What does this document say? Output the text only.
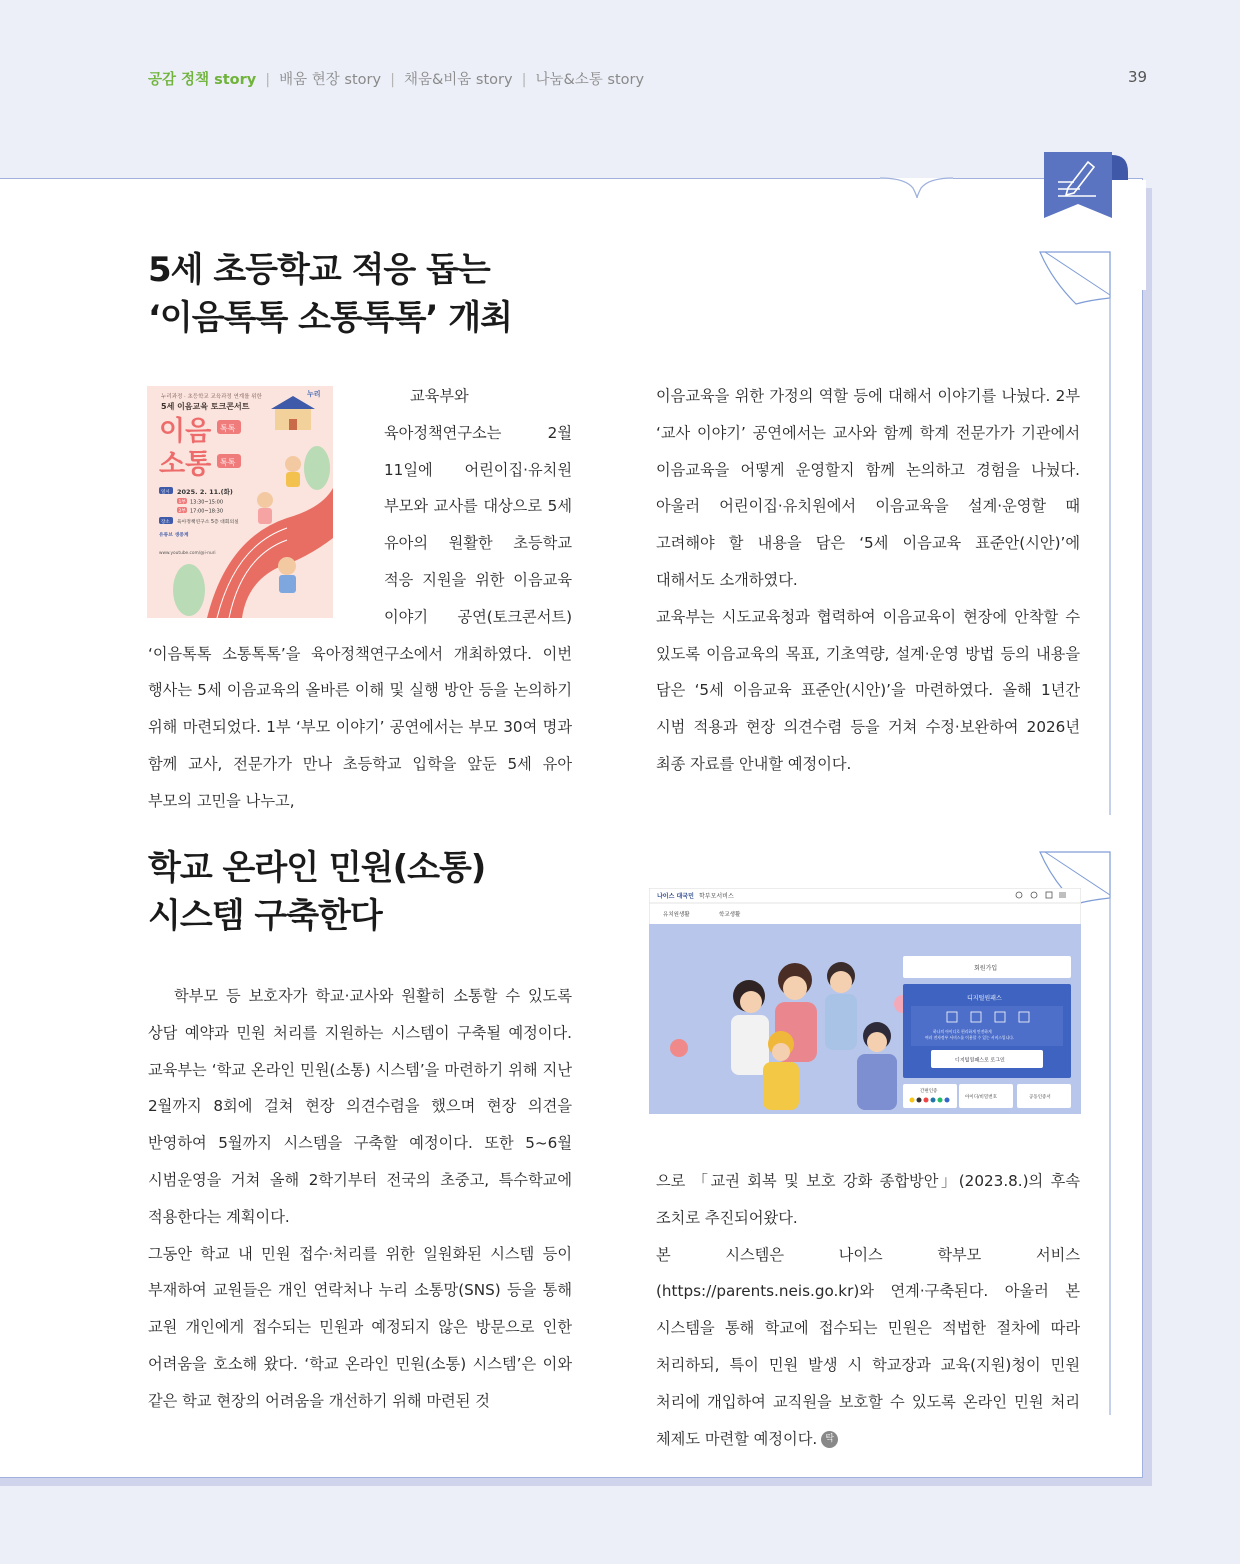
공감 정책 story | 배움 현장 story | 채움&비움 story | 나눔&소통 story	39
5세 초등학교 적응 돕는
‘이음톡톡 소통톡톡’ 개최
누리과정 · 초등학교 교육과정 연계를 위한
5세 이음교육 토크콘서트
누리
이음 톡톡
소통 톡톡
일시 2025. 2. 11.(화)
1부 13:30~15:00
2부 17:00~18:30
장소 육아정책연구소 5층 대회의실
유튜브 생중계
www.youtube.com/@i-nuri

교육부와 육아정책연구소는 2월 11일에 어린이집·유치원 부모와 교사를 대상으로 5세 유아의 원활한 초등학교 적응 지원을 위한 이음교육 이야기 공연(토크콘서트) ‘이음톡톡 소통톡톡’을 육아정책연구소에서 개최하였다. 이번 행사는 5세 이음교육의 올바른 이해 및 실행 방안 등을 논의하기 위해 마련되었다. 1부 ‘부모 이야기’ 공연에서는 부모 30여 명과 함께 교사, 전문가가 만나 초등학교 입학을 앞둔 5세 유아 부모의 고민을 나누고,

이음교육을 위한 가정의 역할 등에 대해서 이야기를 나눴다. 2부 ‘교사 이야기’ 공연에서는 교사와 함께 학계 전문가가 기관에서 이음교육을 어떻게 운영할지 함께 논의하고 경험을 나눴다. 아울러 어린이집·유치원에서 이음교육을 설계·운영할 때 고려해야 할 내용을 담은 ‘5세 이음교육 표준안(시안)’에 대해서도 소개하였다.

교육부는 시도교육청과 협력하여 이음교육이 현장에 안착할 수 있도록 이음교육의 목표, 기초역량, 설계·운영 방법 등의 내용을 담은 ‘5세 이음교육 표준안(시안)’을 마련하였다. 올해 1년간 시범 적용과 현장 의견수렴 등을 거쳐 수정·보완하여 2026년 최종 자료를 안내할 예정이다.

학교 온라인 민원(소통)
시스템 구축한다

학부모 등 보호자가 학교·교사와 원활히 소통할 수 있도록 상담 예약과 민원 처리를 지원하는 시스템이 구축될 예정이다. 교육부는 ‘학교 온라인 민원(소통) 시스템’을 마련하기 위해 지난 2월까지 8회에 걸쳐 현장 의견수렴을 했으며 현장 의견을 반영하여 5월까지 시스템을 구축할 예정이다. 또한 5~6월 시범운영을 거쳐 올해 2학기부터 전국의 초중고, 특수학교에 적용한다는 계획이다.

그동안 학교 내 민원 접수·처리를 위한 일원화된 시스템 등이 부재하여 교원들은 개인 연락처나 누리 소통망(SNS) 등을 통해 교원 개인에게 접수되는 민원과 예정되지 않은 방문으로 인한 어려움을 호소해 왔다. ‘학교 온라인 민원(소통) 시스템’은 이와 같은 학교 현장의 어려움을 개선하기 위해 마련된 것

나이스 대국민 학부모서비스
유치원생활	학교생활
회원가입
디지털원패스
하나의 아이디로 편리하게 안전하게
여러 전자정부 서비스를 이용할 수 있는 서비스입니다.
디지털원패스로 로그인
간편인증
아이디/비밀번호	공동인증서

으로 「교권 회복 및 보호 강화 종합방안」(2023.8.)의 후속 조치로 추진되어왔다.

본 시스템은 나이스 학부모 서비스(https://parents.neis.go.kr)와 연계·구축된다. 아울러 본 시스템을 통해 학교에 접수되는 민원은 적법한 절차에 따라 처리하되, 특이 민원 발생 시 학교장과 교육(지원)청이 민원 처리에 개입하여 교직원을 보호할 수 있도록 온라인 민원 처리 체제도 마련할 예정이다. 탁
